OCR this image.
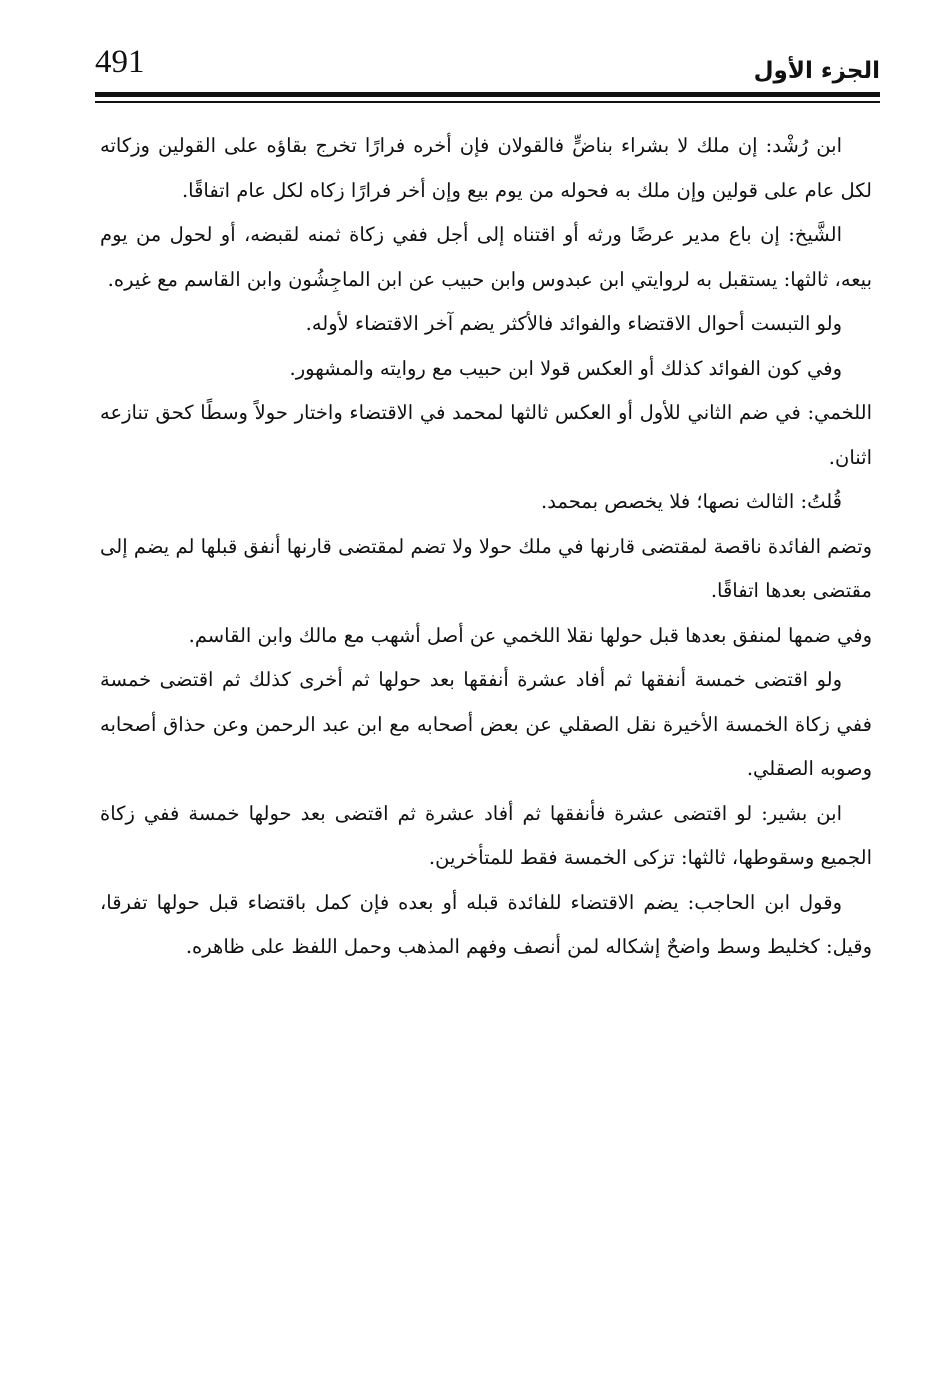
491	الجزء الأول

ابن رُشْد: إن ملك لا بشراء بناضٍّ فالقولان فإن أخره فرارًا تخرج بقاؤه على القولين وزكاته لكل عام على قولين وإن ملك به فحوله من يوم بيع وإن أخر فرارًا زكاه لكل عام اتفاقًا.

الشَّيخ: إن باع مدير عرضًا ورثه أو اقتناه إلى أجل ففي زكاة ثمنه لقبضه، أو لحول من يوم بيعه، ثالثها: يستقبل به لروايتي ابن عبدوس وابن حبيب عن ابن الماجِشُون وابن القاسم مع غيره.

ولو التبست أحوال الاقتضاء والفوائد فالأكثر يضم آخر الاقتضاء لأوله.

وفي كون الفوائد كذلك أو العكس قولا ابن حبيب مع روايته والمشهور.

اللخمي: في ضم الثاني للأول أو العكس ثالثها لمحمد في الاقتضاء واختار حولاً وسطًا كحق تنازعه اثنان.

قُلتُ: الثالث نصها؛ فلا يخصص بمحمد.

وتضم الفائدة ناقصة لمقتضى قارنها في ملك حولا ولا تضم لمقتضى قارنها أنفق قبلها لم يضم إلى مقتضى بعدها اتفاقًا.

وفي ضمها لمنفق بعدها قبل حولها نقلا اللخمي عن أصل أشهب مع مالك وابن القاسم.

ولو اقتضى خمسة أنفقها ثم أفاد عشرة أنفقها بعد حولها ثم أخرى كذلك ثم اقتضى خمسة ففي زكاة الخمسة الأخيرة نقل الصقلي عن بعض أصحابه مع ابن عبد الرحمن وعن حذاق أصحابه وصوبه الصقلي.

ابن بشير: لو اقتضى عشرة فأنفقها ثم أفاد عشرة ثم اقتضى بعد حولها خمسة ففي زكاة الجميع وسقوطها، ثالثها: تزكى الخمسة فقط للمتأخرين.

وقول ابن الحاجب: يضم الاقتضاء للفائدة قبله أو بعده فإن كمل باقتضاء قبل حولها تفرقا، وقيل: كخليط وسط واضحٌ إشكاله لمن أنصف وفهم المذهب وحمل اللفظ على ظاهره.
